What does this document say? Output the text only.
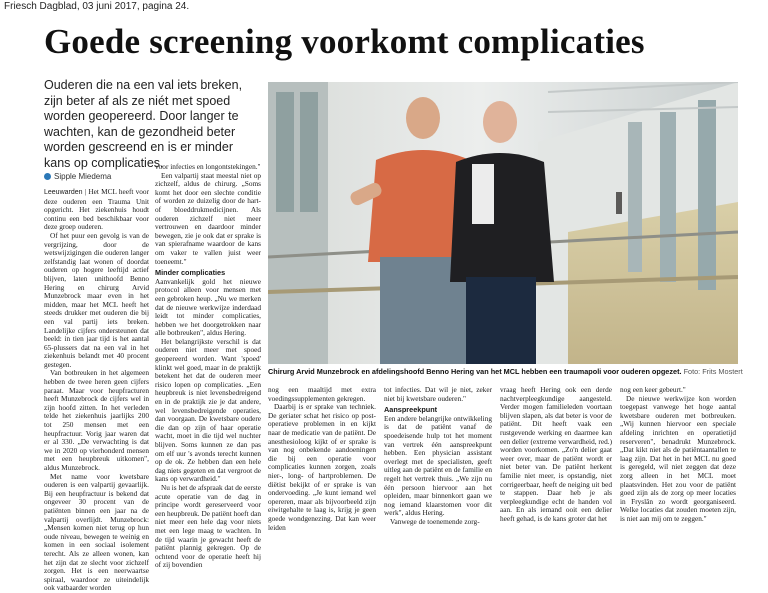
Friesch Dagblad, 03 juni 2017, pagina 24.
Goede screening voorkomt complicaties
Ouderen die na een val iets breken, zijn beter af als ze niét met spoed worden geopereerd. Door langer te wachten, kan de gezondheid beter worden gescreend en is er minder kans op complicaties.
Sipple Miedema

Leeuwarden | Het MCL heeft voor deze ouderen een Trauma Unit opgericht. Het ziekenhuis houdt continu een bed beschikbaar voor deze groep ouderen.

Of het puur een gevolg is van de vergrijzing, door de wetswijzigingen die ouderen langer zelfstandig laat wonen of doordat ouderen op hogere leeftijd actief blijven, laten unithoofd Benno Hering en chirurg Arvid Munzebrock maar even in het midden, maar het MCL heeft het steeds drukker met ouderen die bij een val partij iets breken. Landelijke cijfers ondersteunen dat beeld: in tien jaar tijd is het aantal 65-plussers dat na een val in het ziekenhuis belandt met 40 procent gestegen.

Van botbreuken in het algemeen hebben de twee heren geen cijfers paraat. Maar voor heupfracturen heeft Munzebrock de cijfers wel in zijn hoofd zitten. In het verleden telde het ziekenhuis jaarlijks 200 tot 250 mensen met een heupfractuur. Vorig jaar waren dat er al 330. „De verwachting is dat we in 2020 op vierhonderd mensen met een heupbreuk uitkomen", aldus Munzebrock.

Met name voor kwetsbare ouderen is een valpartij gevaarlijk. Bij een heupfractuur is bekend dat ongeveer 30 procent van de patiënten binnen een jaar na de valpartij overlijdt. Munzebrock: „Mensen komen niet terug op hun oude niveau, bewegen te weinig en komen in een sociaal isolement terecht. Als ze alleen wonen, kan het zijn dat ze slecht voor zichzelf zorgen. Het is een neerwaartse spiraal, waardoor ze uiteindelijk ook vatbaarder worden

voor infecties en longontstekingen."

Een valpartij staat meestal niet op zichzelf, aldus de chirurg. „Soms komt het door een slechte conditie of worden ze duizelig door de hart- of bloeddrukmedicijnen. Als ouderen zichzelf niet meer vertrouwen en daardoor minder bewegen, zie je ook dat er sprake is van spierafname waardoor de kans om vaker te vallen juist weer toeneemt."

Minder complicaties

Aanvankelijk gold het nieuwe protocol alleen voor mensen met een gebroken heup. „Nu we merken dat de nieuwe werkwijze inderdaad leidt tot minder complicaties, hebben we het doorgetrokken naar alle botbreuken", aldus Hering.

Het belangrijkste verschil is dat ouderen niet meer met spoed geopereerd worden. Want 'spoed' klinkt wel goed, maar in de praktijk betekent het dat de ouderen meer risico lopen op complicaties. „Een heupbreuk is niet levensbedreigend en in de praktijk zie je dat andere, wel levensbedreigende operaties, dan voorgaan. De kwetsbare oudere die dan op zijn of haar operatie wacht, moet in die tijd wel nuchter blijven. Soms kunnen ze dan pas om elf uur 's avonds terecht kunnen op de ok. Ze hebben dan een hele dag niets gegeten en dat vergroot de kans op verwardheid."

Nu is het de afspraak dat de eerste acute operatie van de dag in principe wordt gereserveerd voor een heupbreuk. De patiënt hoeft dan niet meer een hele dag voor niets met een lege maag te wachten. In de tijd waarin je gewacht heeft de patiënt plannig gekregen. Op de ochtend voor de operatie heeft hij of zij bovendien

Chirurg Arvid Munzebrock en afdelingshoofd Benno Hering van het MCL hebben een traumapoli voor ouderen opgezet. Foto: Frits Mostert

nog een maaltijd met extra voedingssupplementen gekregen.

Daarbij is er sprake van techniek. De geriater schat het risico op post-operatieve problemen in en kijkt naar de medicatie van de patiënt. De anesthesioloog kijkt of er sprake is van nog onbekende aandoeningen die bij een operatie voor complicaties kunnen zorgen, zoals nier-, long- of hartproblemen. De diëtist bekijkt of er sprake is van ondervoeding. „Je kunt iemand wel opereren, maar als bijvoorbeeld zijn eiwitgehalte te laag is, krijg je geen goede wondgenezing. Dat kan weer leiden

tot infecties. Dat wil je niet, zeker niet bij kwetsbare ouderen."

Aanspreekpunt

Een andere belangrijke ontwikkeling is dat de patiënt vanaf de spoedeisende hulp tot het moment van vertrek één aanspreekpunt hebben. Een physician assistant overlegt met de specialisten, geeft uitleg aan de patiënt en de familie en regelt het vertrek thuis. „We zijn nu één persoon hiervoor aan het opleiden, maar binnenkort gaan we nog iemand klaarstomen voor dit werk", aldus Hering.

Vanwege de toenemende zorg-

vraag heeft Hering ook een derde nachtverpleegkundige aangesteld. Verder mogen familieleden voortaan blijven slapen, als dat beter is voor de patiënt. Dit heeft vaak een rustgevende werking en daarmee kan een delier (extreme verwardheid, red.) worden voorkomen. „Zo'n delier gaat weer over, maar de patiënt wordt er niet beter van. De patiënt herkent familie niet meer, is opstandig, niet corrigeerbaar, heeft de neiging uit bed te stappen. Daar heb je als verpleegkundige echt de handen vol aan. En als iemand ooit een delier heeft gehad, is de kans groter dat het

nog een keer gebeurt."

De nieuwe werkwijze kon worden toegepast vanwege het hoge aantal kwetsbare ouderen met botbreuken. „Wij kunnen hiervoor een speciale afdeling inrichten en operatietijd reserveren", benadrukt Munzebrock. „Dat kikt niet als de patiëntaantallen te laag zijn. Dat het in het MCL nu goed is geregeld, wil niet zeggen dat deze zorg alleen in het MCL moet plaatsvinden. Het zou voor de patiënt goed zijn als de zorg op meer locaties in Fryslân zo wordt georganiseerd. Welke locaties dat zouden moeten zijn, is niet aan mij om te zeggen."
